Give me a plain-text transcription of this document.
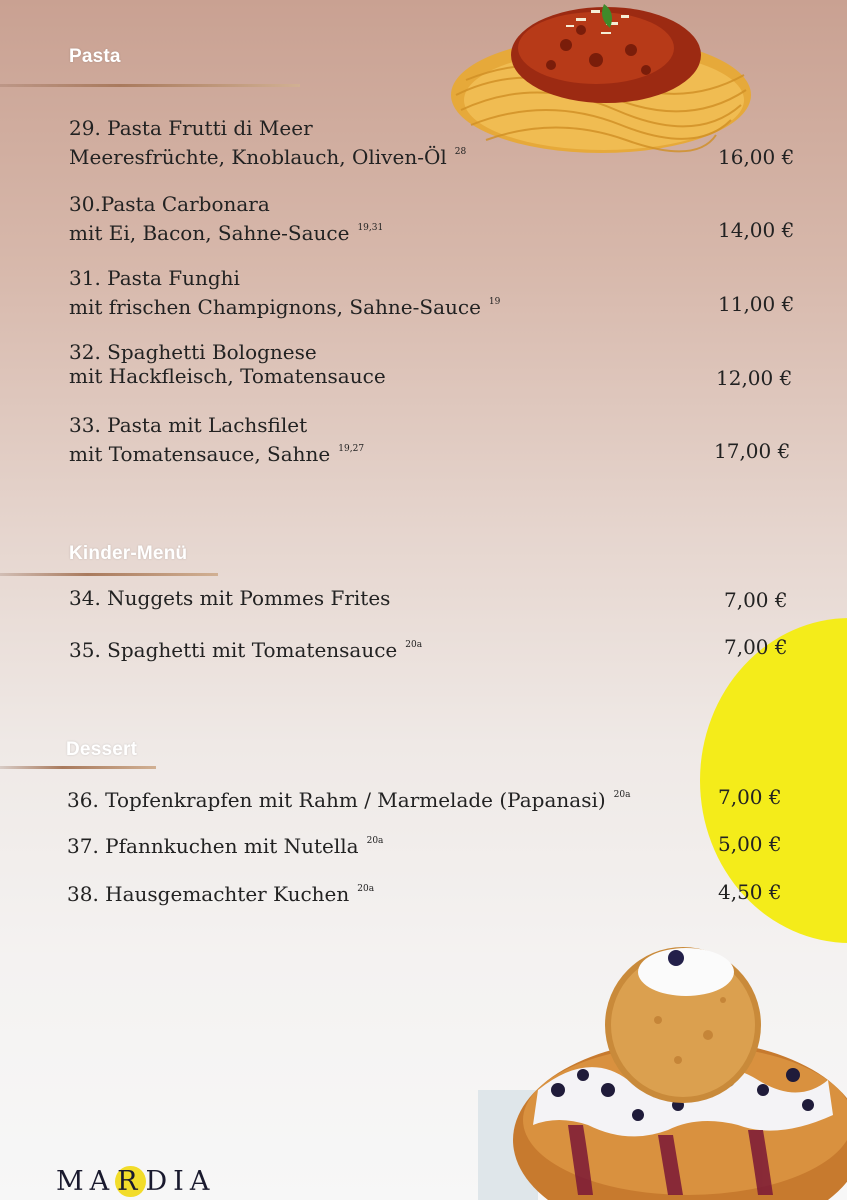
Pasta
29. Pasta Frutti di Meer
Meeresfrüchte, Knoblauch, Oliven-Öl $^{28}$	16,00 €
30.Pasta Carbonara
mit Ei, Bacon, Sahne-Sauce $^{19,31}$	14,00 €
31. Pasta Funghi
mit frischen Champignons, Sahne-Sauce $^{19}$	11,00 €
32. Spaghetti Bolognese
mit Hackfleisch, Tomatensauce	12,00 €
33. Pasta mit Lachsfilet
mit Tomatensauce, Sahne $^{19,27}$	17,00 €
Kinder-Menü
34. Nuggets mit Pommes Frites	7,00 €
35. Spaghetti mit Tomatensauce $^{20a}$	7,00 €
Dessert
36. Topfenkrapfen mit Rahm / Marmelade (Papanasi) $^{20a}$	7,00 €
37. Pfannkuchen mit Nutella $^{20a}$	5,00 €
38. Hausgemachter Kuchen $^{20a}$	4,50 €
MARDIA
